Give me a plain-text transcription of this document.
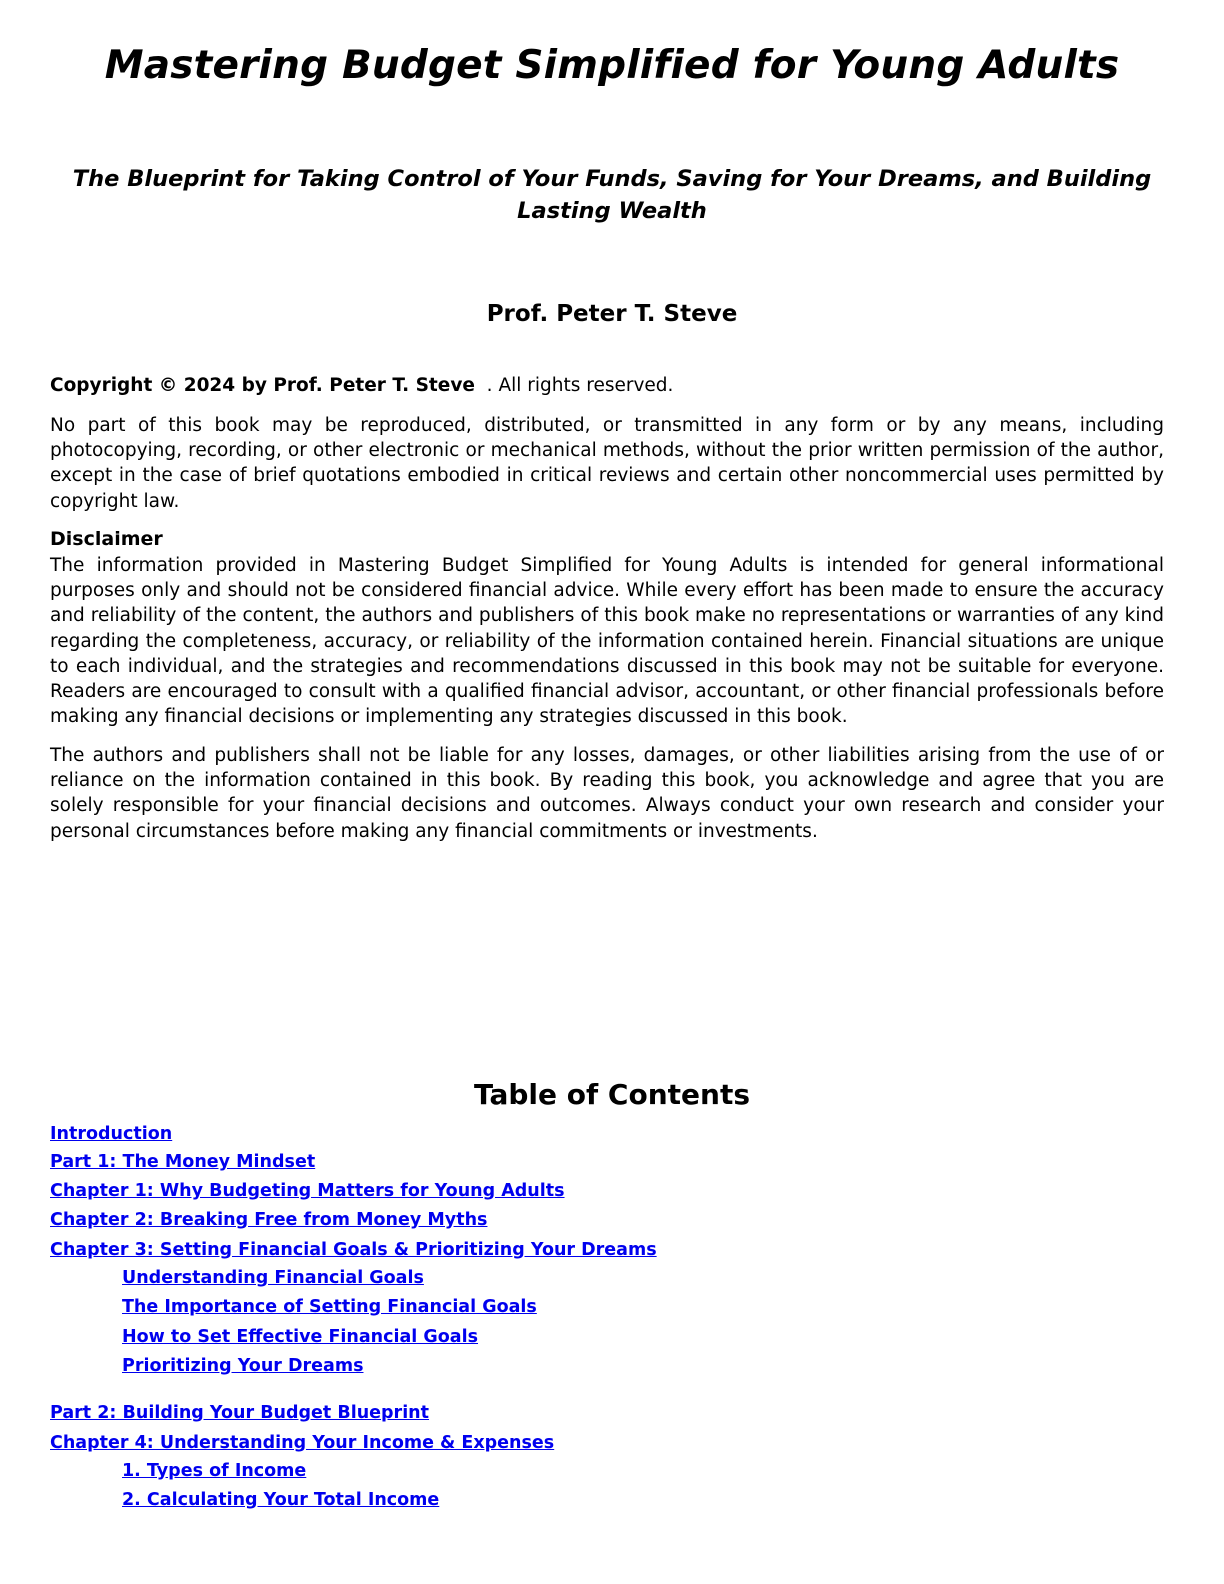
Mastering Budget Simplified for Young Adults
The Blueprint for Taking Control of Your Funds, Saving for Your Dreams, and Building Lasting Wealth
Prof. Peter T. Steve

Copyright © 2024 by Prof. Peter T. Steve  . All rights reserved.

No part of this book may be reproduced, distributed, or transmitted in any form or by any means, including photocopying, recording, or other electronic or mechanical methods, without the prior written permission of the author, except in the case of brief quotations embodied in critical reviews and certain other noncommercial uses permitted by copyright law.

Disclaimer

The information provided in Mastering Budget Simplified for Young Adults is intended for general informational purposes only and should not be considered financial advice. While every effort has been made to ensure the accuracy and reliability of the content, the authors and publishers of this book make no representations or warranties of any kind regarding the completeness, accuracy, or reliability of the information contained herein. Financial situations are unique to each individual, and the strategies and recommendations discussed in this book may not be suitable for everyone. Readers are encouraged to consult with a qualified financial advisor, accountant, or other financial professionals before making any financial decisions or implementing any strategies discussed in this book.

The authors and publishers shall not be liable for any losses, damages, or other liabilities arising from the use of or reliance on the information contained in this book. By reading this book, you acknowledge and agree that you are solely responsible for your financial decisions and outcomes. Always conduct your own research and consider your personal circumstances before making any financial commitments or investments.

Table of Contents
Introduction
Part 1: The Money Mindset
Chapter 1: Why Budgeting Matters for Young Adults
Chapter 2: Breaking Free from Money Myths
Chapter 3: Setting Financial Goals & Prioritizing Your Dreams
Understanding Financial Goals
The Importance of Setting Financial Goals
How to Set Effective Financial Goals
Prioritizing Your Dreams
Part 2: Building Your Budget Blueprint
Chapter 4: Understanding Your Income & Expenses
1. Types of Income
2. Calculating Your Total Income
